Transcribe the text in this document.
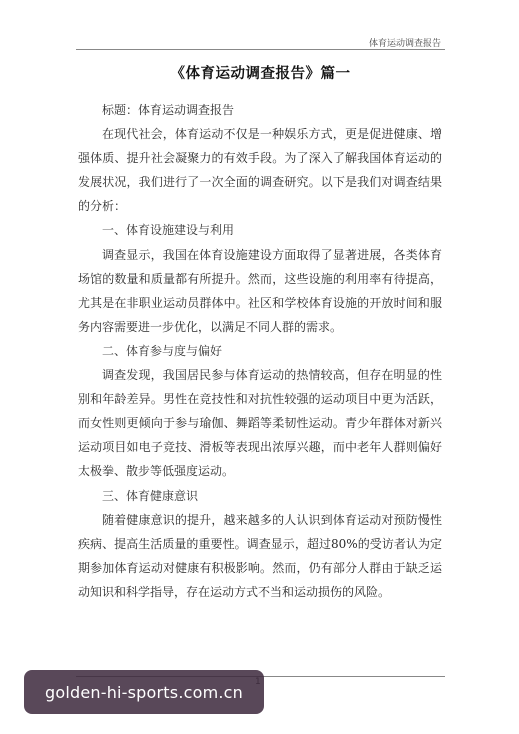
体育运动调查报告
《体育运动调查报告》篇一

标题：体育运动调查报告

在现代社会，体育运动不仅是一种娱乐方式，更是促进健康、增强体质、提升社会凝聚力的有效手段。为了深入了解我国体育运动的发展状况，我们进行了一次全面的调查研究。以下是我们对调查结果的分析：

一、体育设施建设与利用

调查显示，我国在体育设施建设方面取得了显著进展，各类体育场馆的数量和质量都有所提升。然而，这些设施的利用率有待提高，尤其是在非职业运动员群体中。社区和学校体育设施的开放时间和服务内容需要进一步优化，以满足不同人群的需求。

二、体育参与度与偏好

调查发现，我国居民参与体育运动的热情较高，但存在明显的性别和年龄差异。男性在竞技性和对抗性较强的运动项目中更为活跃，而女性则更倾向于参与瑜伽、舞蹈等柔韧性运动。青少年群体对新兴运动项目如电子竞技、滑板等表现出浓厚兴趣，而中老年人群则偏好太极拳、散步等低强度运动。

三、体育健康意识

随着健康意识的提升，越来越多的人认识到体育运动对预防慢性疾病、提高生活质量的重要性。调查显示，超过80%的受访者认为定期参加体育运动对健康有积极影响。然而，仍有部分人群由于缺乏运动知识和科学指导，存在运动方式不当和运动损伤的风险。

golden-hi-sports.com.cn
